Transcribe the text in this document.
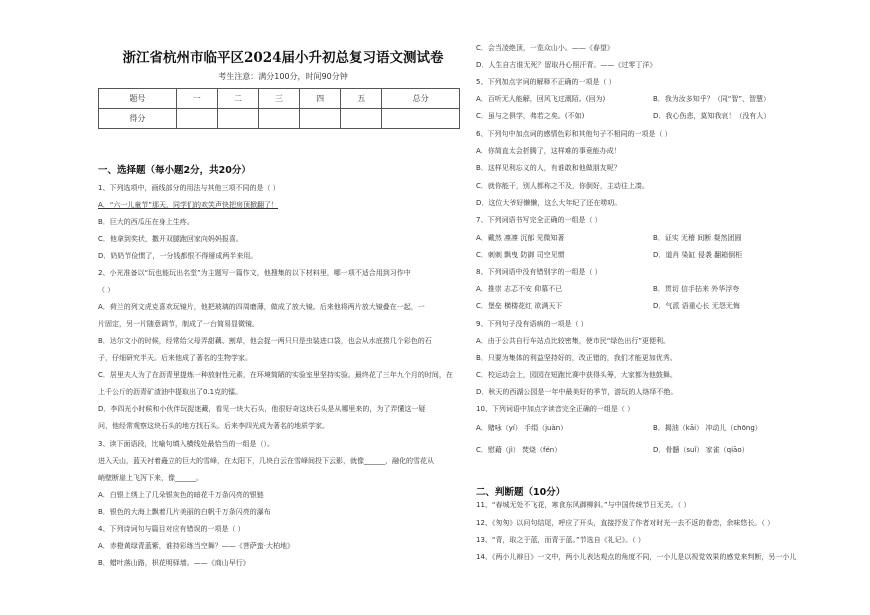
浙江省杭州市临平区2024届小升初总复习语文测试卷
考生注意：满分100分，时间90分钟
题号	一	二	三	四	五	总分
得分						
一、选择题（每小题2分，共20分）
1、下列选项中，画线部分的用法与其他三项不同的是（ ）
A．“六一儿童节”那天，同学们的欢笑声快把房顶掀翻了！
B．巨大的西瓜压在身上生疼。
C．他拿到奖状，撒开双腿跑回家向妈妈报喜。
D．奶奶节俭惯了，一分钱都恨不得掰成两半来用。
2、小光准备以“玩也能玩出名堂”为主题写一篇作文，他搜集的以下材料里，哪一项不适合用到习作中
（ ）
A．荷兰的列文虎克喜欢玩镜片，他把玻璃的四周磨薄，做成了放大镜。后来他将两片放大镜叠在一起，一
片固定，另一片随意调节，制成了一台简易显微镜。
B．达尔文小的时候，经常给父母弄甜藕、割草，他会捉一两只只是虫装进口袋，也会从水底捞几个彩色的石
子，仔细研究半天。后来他成了著名的生物学家。
C．居里夫人为了在沥青里提炼一种放射性元素，在环境简陋的实验室里坚持实验。最终花了三年九个月的时间，在
上千公斤的沥青矿渣油中提取出了0.1克的镭。
D．李四光小时候和小伙伴玩捉迷藏，看见一块大石头，他很好奇这块石头是从哪里来的，为了弄懂这一疑
问，他经常观察这块石头的地方找石头。后来李四光成为著名的地质学家。
3、读下面语段，比喻句填入横线处最恰当的一组是（）。
进入天山，蓝天衬着矗立的巨大的雪峰，在太阳下，几块白云在雪峰间投下云影，就像______，融化的雪花从
峭壁断崖上飞泻下来，像______。
A．白银上绣上了几朵银灰色的暗花千万条闪亮的银链
B．银色的大海上飘着几片美丽的白帆千万条闪亮的瀑布
4、下列诗词句与篇目对应有错误的一项是（ ）
A．赤橙黄绿青蓝紫，谁持彩练当空舞？——《菩萨蛮·大柏地》
B．蜡叶落山路，枳花明驿墙。——《商山早行》
C．会当凌绝顶，一览众山小。——《春望》
D．人生自古谁无死？留取丹心照汗青。——《过零丁洋》
5、下列加点字词的解释不正确的一项是（ ）
A．百听无人能解，回风飞过溉陌。(回为)	B．我为汝多知乎？（同“智”，智慧）
C．虽与之俱学，弗若之矣。(不如)	D．我心伤悲，莫知我哀！（没有人）
6、下列句中加点词的感情色彩和其他句子不相同的一项是（ ）
A．你简直太会折腾了，这样难的事竟能办成！
B．这样见利忘义的人，有谁敢和他做朋友呢？
C．就你能干，别人都称之不及，你倒好，主动往上凑。
D．这位大爷好懒懒，这么大年纪了还在唠叨。
7、下列词语书写完全正确的一组是（ ）
A．戴然 凛凛 沉郁 见微知著	B．证实 无稽 间断 粲然团圆
C．刺刺 飘曳 防御 司空见惯	D．道肖 染缸 侵袭 翻箱倒柜
8、下列词语中没有错别字的一组是（ ）
A．推崇 志忑不安 仰慕不已	B．贯切 信手拈来 外华浮夸
C．堡垒 横楼花红 欲满天下	D．气派 语重心长 无怨无悔
9、下列句子没有语病的一项是（ ）
A．由于公共自行车站点比较密集，使市民“绿色出行”更便利。
B．只要为集体的利益坚持好的，改正错的，我们才能更加优秀。
C．校运动会上，园园在短跑比赛中获得头筹，大家都为他鼓舞。
D．秋天的西湖公园是一年中最美好的季节，游玩的人络绎不绝。
10、下列词语中加点字读音完全正确的一组是（ ）
A．赌咏（yí） 手绢（juàn）	B．揭油（kāi） 冲动儿（chōng）
C．慰藉（jì） 焚烧（fén）	D．骨髓（suǐ） 家雀（qiāo）
11、“春城无处不飞花，寒食东风御柳斜。”与中国传统节日无关。（ ）
12、《匆匆》以问句结尾，呼应了开头，直接抒发了作者对时光一去不返的眷恋，余味悠长。（ ）
13、“青，取之于蓝，而青于蓝。”节选自《礼记》。（ ）
14、《两小儿辩日》一文中，两小儿表达观点的角度不同，一小儿是以视觉效果的感觉来判断，另一小儿
二、判断题（10分）
